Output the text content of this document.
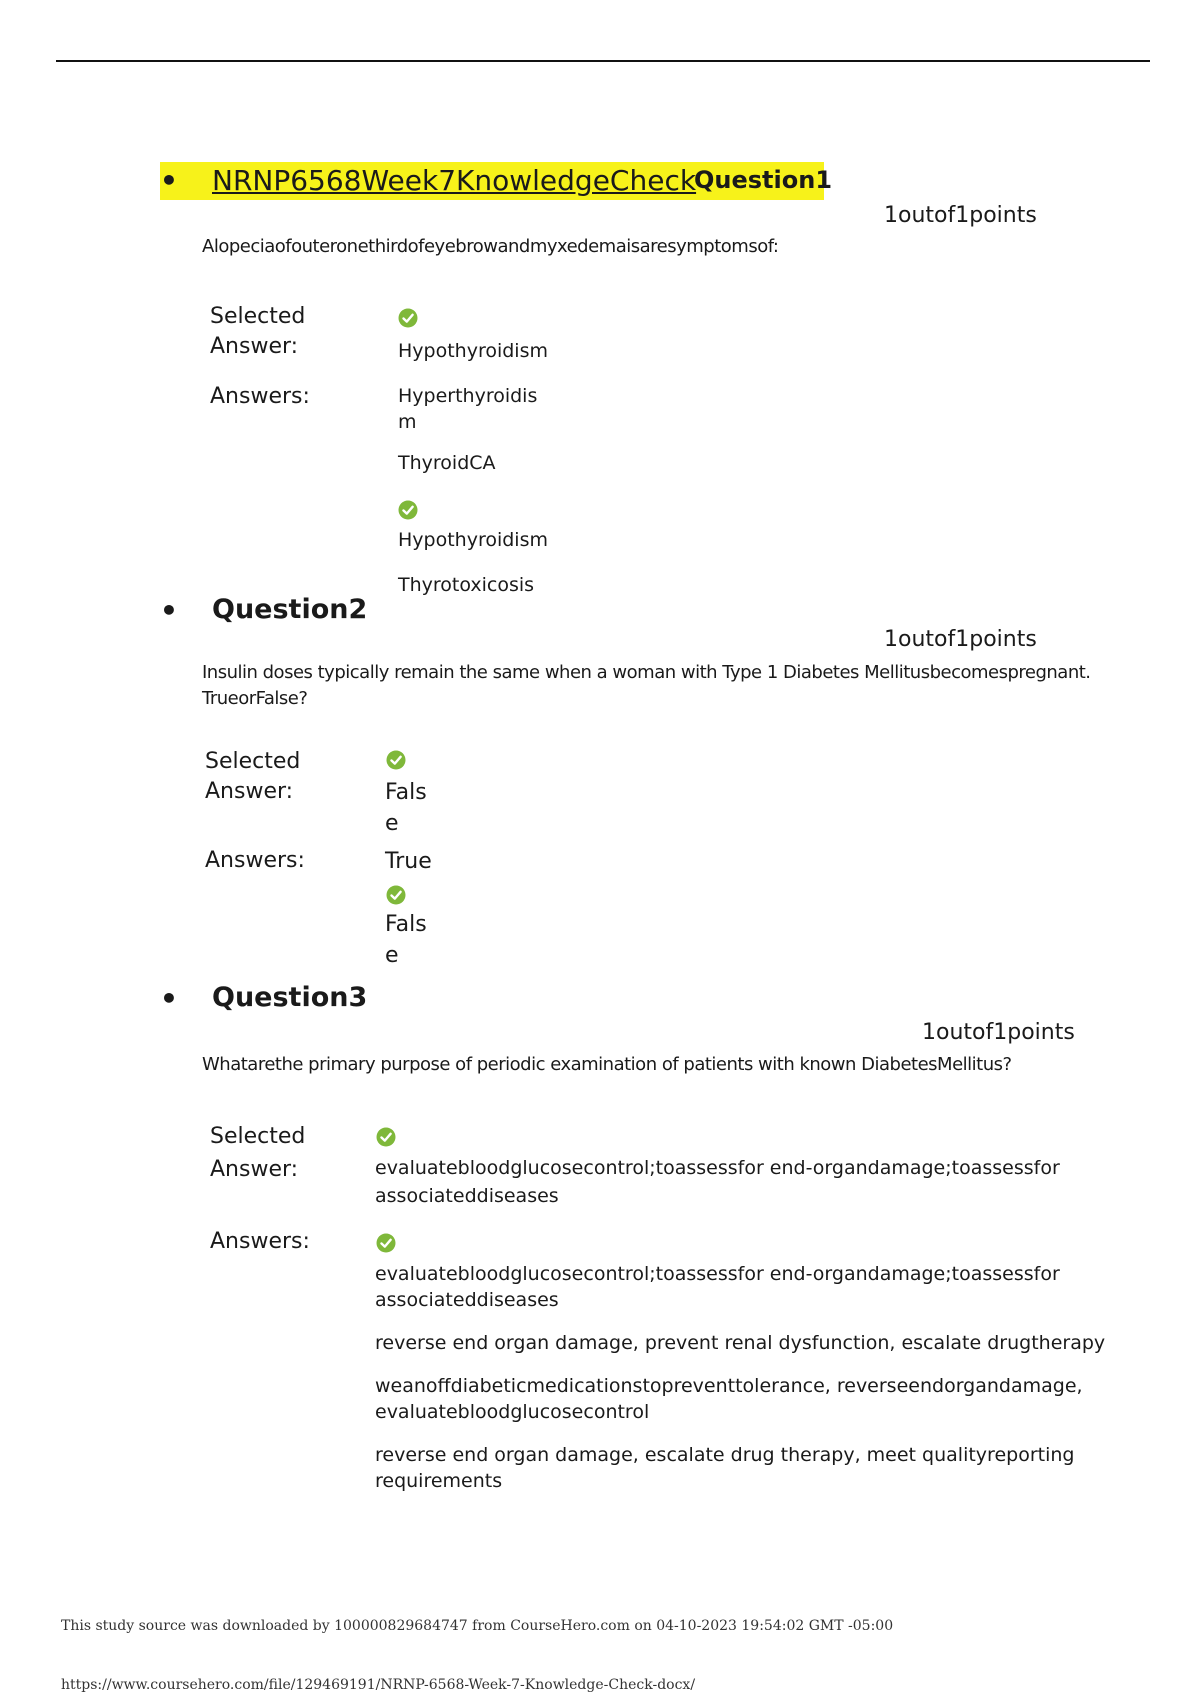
• NRNP6568Week7KnowledgeCheck
Question1
1outof1points
Alopeciaofouteronethirdofeyebrowandmyxedemaisaresymptomsof:
Selected
Answer:	Hypothyroidism
Answers:	Hyperthyroidis
m
ThyroidCA
Hypothyroidism
Thyrotoxicosis
• Question2
1outof1points
Insulin doses typically remain the same when a woman with Type 1 Diabetes Mellitusbecomespregnant.
TrueorFalse?
Selected
Answer:	Fals
e
Answers:	True
Fals
e
• Question3
1outof1points
Whatarethe primary purpose of periodic examination of patients with known DiabetesMellitus?
Selected
Answer:	evaluatebloodglucosecontrol;toassessfor end-organdamage;toassessfor
associateddiseases
Answers:
evaluatebloodglucosecontrol;toassessfor end-organdamage;toassessfor
associateddiseases
reverse end organ damage, prevent renal dysfunction, escalate drugtherapy
weanoffdiabeticmedicationstopreventtolerance, reverseendorgandamage,
evaluatebloodglucosecontrol
reverse end organ damage, escalate drug therapy, meet qualityreporting
requirements
This study source was downloaded by 100000829684747 from CourseHero.com on 04-10-2023 19:54:02 GMT -05:00
https://www.coursehero.com/file/129469191/NRNP-6568-Week-7-Knowledge-Check-docx/
